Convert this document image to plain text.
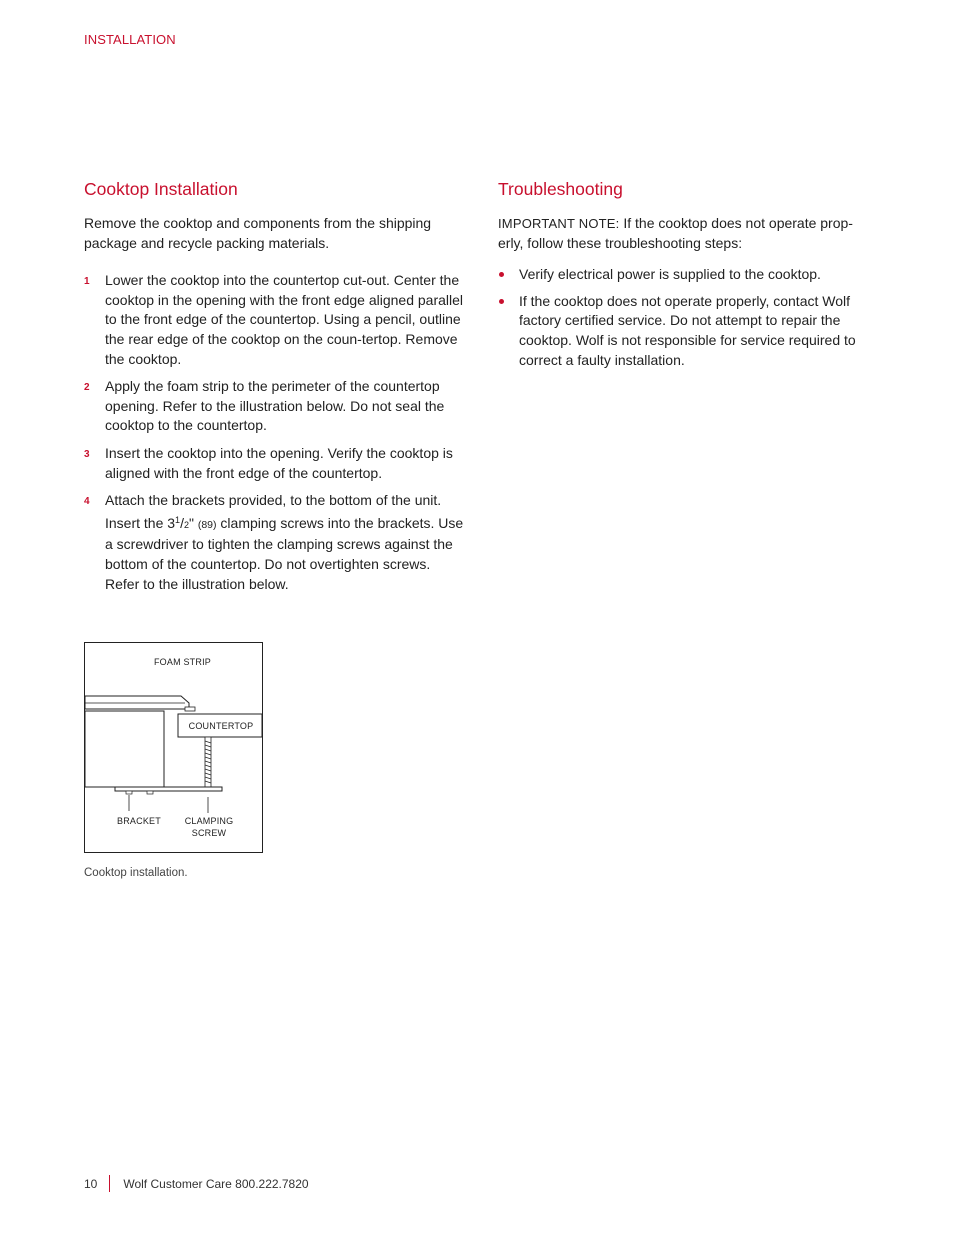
INSTALLATION
Cooktop Installation

Remove the cooktop and components from the shipping package and recycle packing materials.

1 Lower the cooktop into the countertop cut-out. Center the cooktop in the opening with the front edge aligned parallel to the front edge of the countertop. Using a pencil, outline the rear edge of the cooktop on the coun-tertop. Remove the cooktop.
2 Apply the foam strip to the perimeter of the countertop opening. Refer to the illustration below. Do not seal the cooktop to the countertop.
3 Insert the cooktop into the opening. Verify the cooktop is aligned with the front edge of the countertop.
4 Attach the brackets provided, to the bottom of the unit. Insert the $3^1/2$" (89) clamping screws into the brackets. Use a screwdriver to tighten the clamping screws against the bottom of the countertop. Do not overtighten screws. Refer to the illustration below.
Troubleshooting

IMPORTANT NOTE: If the cooktop does not operate prop-erly, follow these troubleshooting steps:

Verify electrical power is supplied to the cooktop.
If the cooktop does not operate properly, contact Wolf factory certified service. Do not attempt to repair the cooktop. Wolf is not responsible for service required to correct a faulty installation.
FOAM STRIP
COUNTERTOP
BRACKET	CLAMPING
SCREW
Cooktop installation.
10 Wolf Customer Care 800.222.7820
